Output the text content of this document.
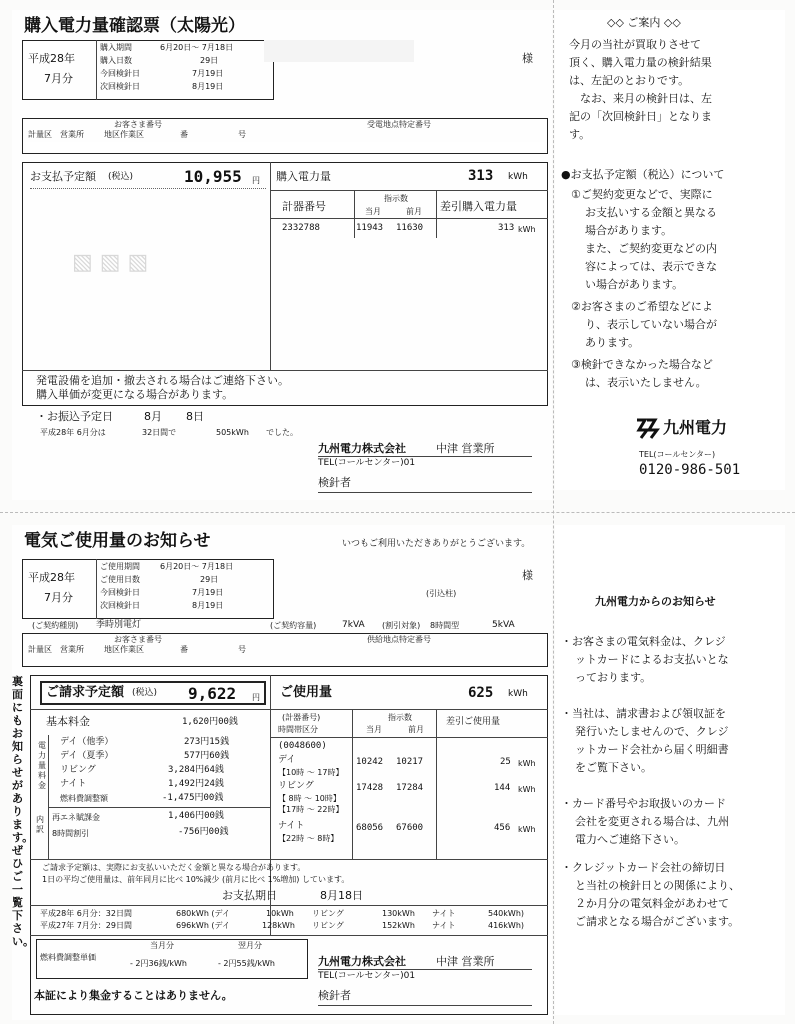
購入電力量確認票（太陽光）
平成28年
7月分
購入期間	6月20日〜 7月18日
購入日数	29日
今回検針日	7月19日
次回検針日	8月19日
様
お客さま番号	受電地点特定番号
計量区 営業所	地区作業区	番	号
お支払予定額 (税込)	10,955 円 購入電力量	313 kWh
計器番号
指示数
当月	前月 差引購入電力量
2332788	11943 11630	313 kWh
▧ ▧ ▧
発電設備を追加・撤去される場合はご連絡下さい。
購入単価が変更になる場合があります。
・お振込予定日	8月 8日
平成28年 6月分は	32日間で	505kWh でした。
九州電力株式会社	中津 営業所
TEL(コールセンター)01
検針者
◇◇ ご案内 ◇◇
今月の当社が買取りさせて
頂く、購入電力量の検針結果
は、左記のとおりです。
　なお、来月の検針日は、左
記の「次回検針日」となりま
す。
●お支払予定額（税込）について
①ご契約変更などで、実際に
お支払いする金額と異なる
場合があります。
また、ご契約変更などの内
容によっては、表示できな
い場合があります。
②お客さまのご希望などによ
り、表示していない場合が
あります。
③検針できなかった場合など
は、表示いたしません。
九州電力
TEL(コールセンター)
0120-986-501
電気ご使用量のお知らせ	いつもご利用いただきありがとうございます。
平成28年
7月分
ご使用期間	6月20日〜 7月18日
ご使用日数	29日
今回検針日	7月19日
次回検針日	8月19日
様
(引込柱)
(ご契約種別) 季時別電灯	(ご契約容量)	7kVA (割引対象) 8時間型	5kVA
お客さま番号	供給地点特定番号
計量区 営業所	地区作業区	番	号
裏面にもお知らせがあります。ぜひご一覧下さい。
ご請求予定額 (税込) 9,622 円 ご使用量	625 kWh
基本料金	1,620円00銭
電力量料金
内訳
デイ（他季）	273円15銭
デイ（夏季）	577円60銭
リビング	3,284円64銭
ナイト	1,492円24銭
燃料費調整額	-1,475円00銭
再エネ賦課金	1,406円00銭
8時間割引	-756円00銭
(計器番号)
時間帯区分
指示数
当月	前月
差引ご使用量
(0048600)
デイ
【10時 〜 17時】
10242 10217	25 kWh
リビング
【 8時 〜 10時】
【17時 〜 22時】
17428 17284	144 kWh
ナイト
【22時 〜 8時】
68056 67600	456 kWh
ご請求予定額は、実際にお支払いいただく金額と異なる場合があります。
1日の平均ご使用量は、前年同月に比べ 10%減少 (前月に比べ 1%増加) しています。
お支払期日	8月18日
平成28年 6月分：32日間	680kWh (デイ	10kWh リビング	130kWh ナイト	540kWh)
平成27年 7月分：29日間	696kWh (デイ	128kWh リビング	152kWh ナイト	416kWh)
燃料費調整単価
当月分	翌月分
- 2円36銭/kWh	- 2円55銭/kWh
本証により集金することはありません。
九州電力株式会社	中津 営業所
TEL(コールセンター)01
検針者
九州電力からのお知らせ
・お客さまの電気料金は、クレジ
ットカードによるお支払いとな
っております。
・当社は、請求書および領収証を
発行いたしませんので、クレジ
ットカード会社から届く明細書
をご覧下さい。
・カード番号やお取扱いのカード
会社を変更される場合は、九州
電力へご連絡下さい。
・クレジットカード会社の締切日
と当社の検針日との関係により、
２か月分の電気料金があわせて
ご請求となる場合がございます。
